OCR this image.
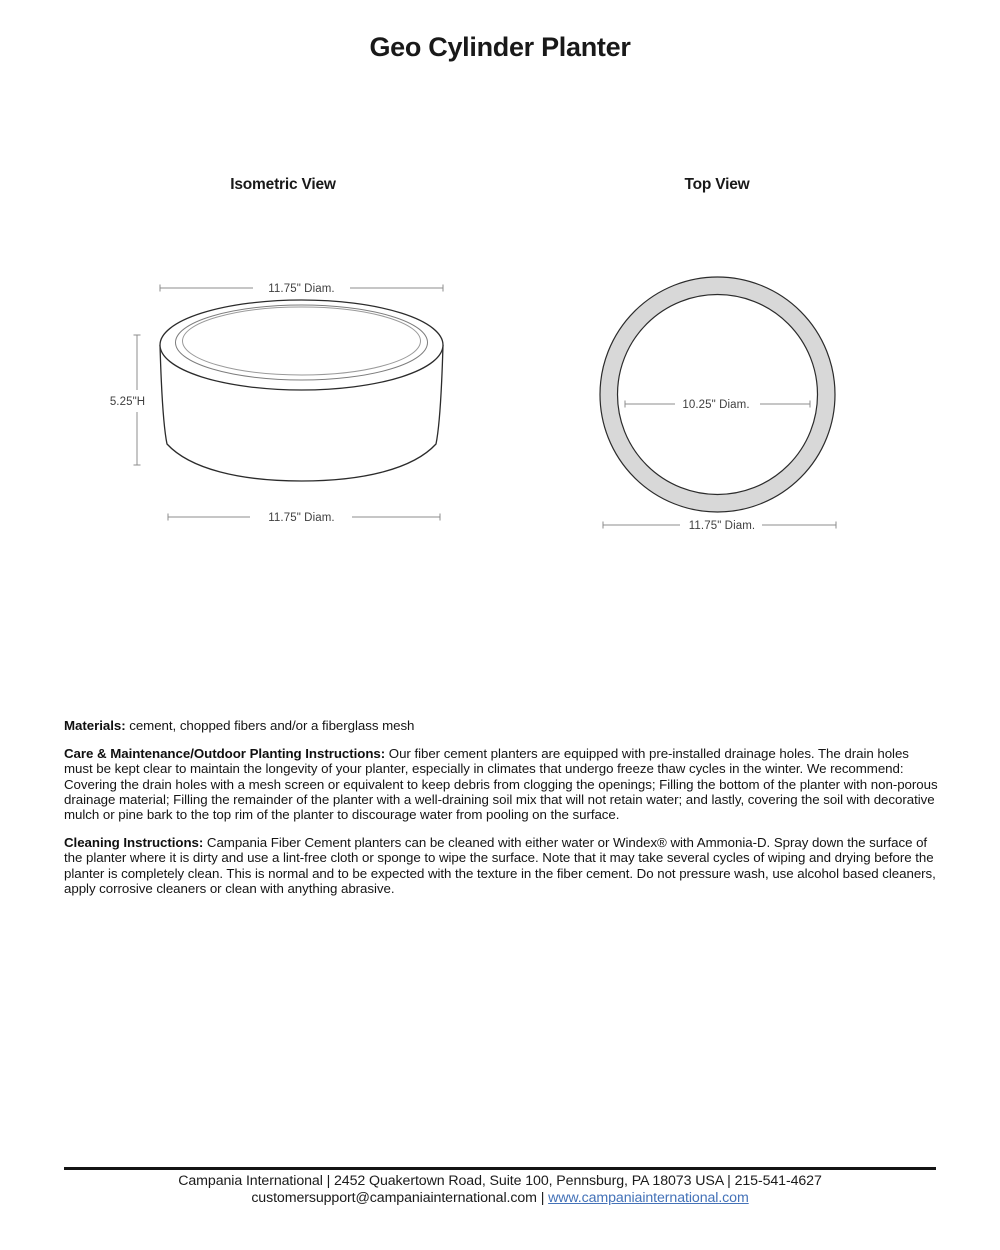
Geo Cylinder Planter
Isometric View	Top View
11.75" Diam.
5.25"H
11.75" Diam.
10.25" Diam.
11.75" Diam.

Materials: cement, chopped fibers and/or a fiberglass mesh

Care & Maintenance/Outdoor Planting Instructions: Our fiber cement planters are equipped with pre-installed drainage holes. The drain holes must be kept clear to maintain the longevity of your planter, especially in climates that undergo freeze thaw cycles in the winter. We recommend: Covering the drain holes with a mesh screen or equivalent to keep debris from clogging the openings; Filling the bottom of the planter with non-porous drainage material; Filling the remainder of the planter with a well-draining soil mix that will not retain water; and lastly, covering the soil with decorative mulch or pine bark to the top rim of the planter to discourage water from pooling on the surface.

Cleaning Instructions: Campania Fiber Cement planters can be cleaned with either water or Windex® with Ammonia-D. Spray down the surface of the planter where it is dirty and use a lint-free cloth or sponge to wipe the surface. Note that it may take several cycles of wiping and drying before the planter is completely clean. This is normal and to be expected with the texture in the fiber cement. Do not pressure wash, use alcohol based cleaners, apply corrosive cleaners or clean with anything abrasive.

Campania International | 2452 Quakertown Road, Suite 100, Pennsburg, PA 18073 USA | 215-541-4627
customersupport@campaniainternational.com | www.campaniainternational.com
